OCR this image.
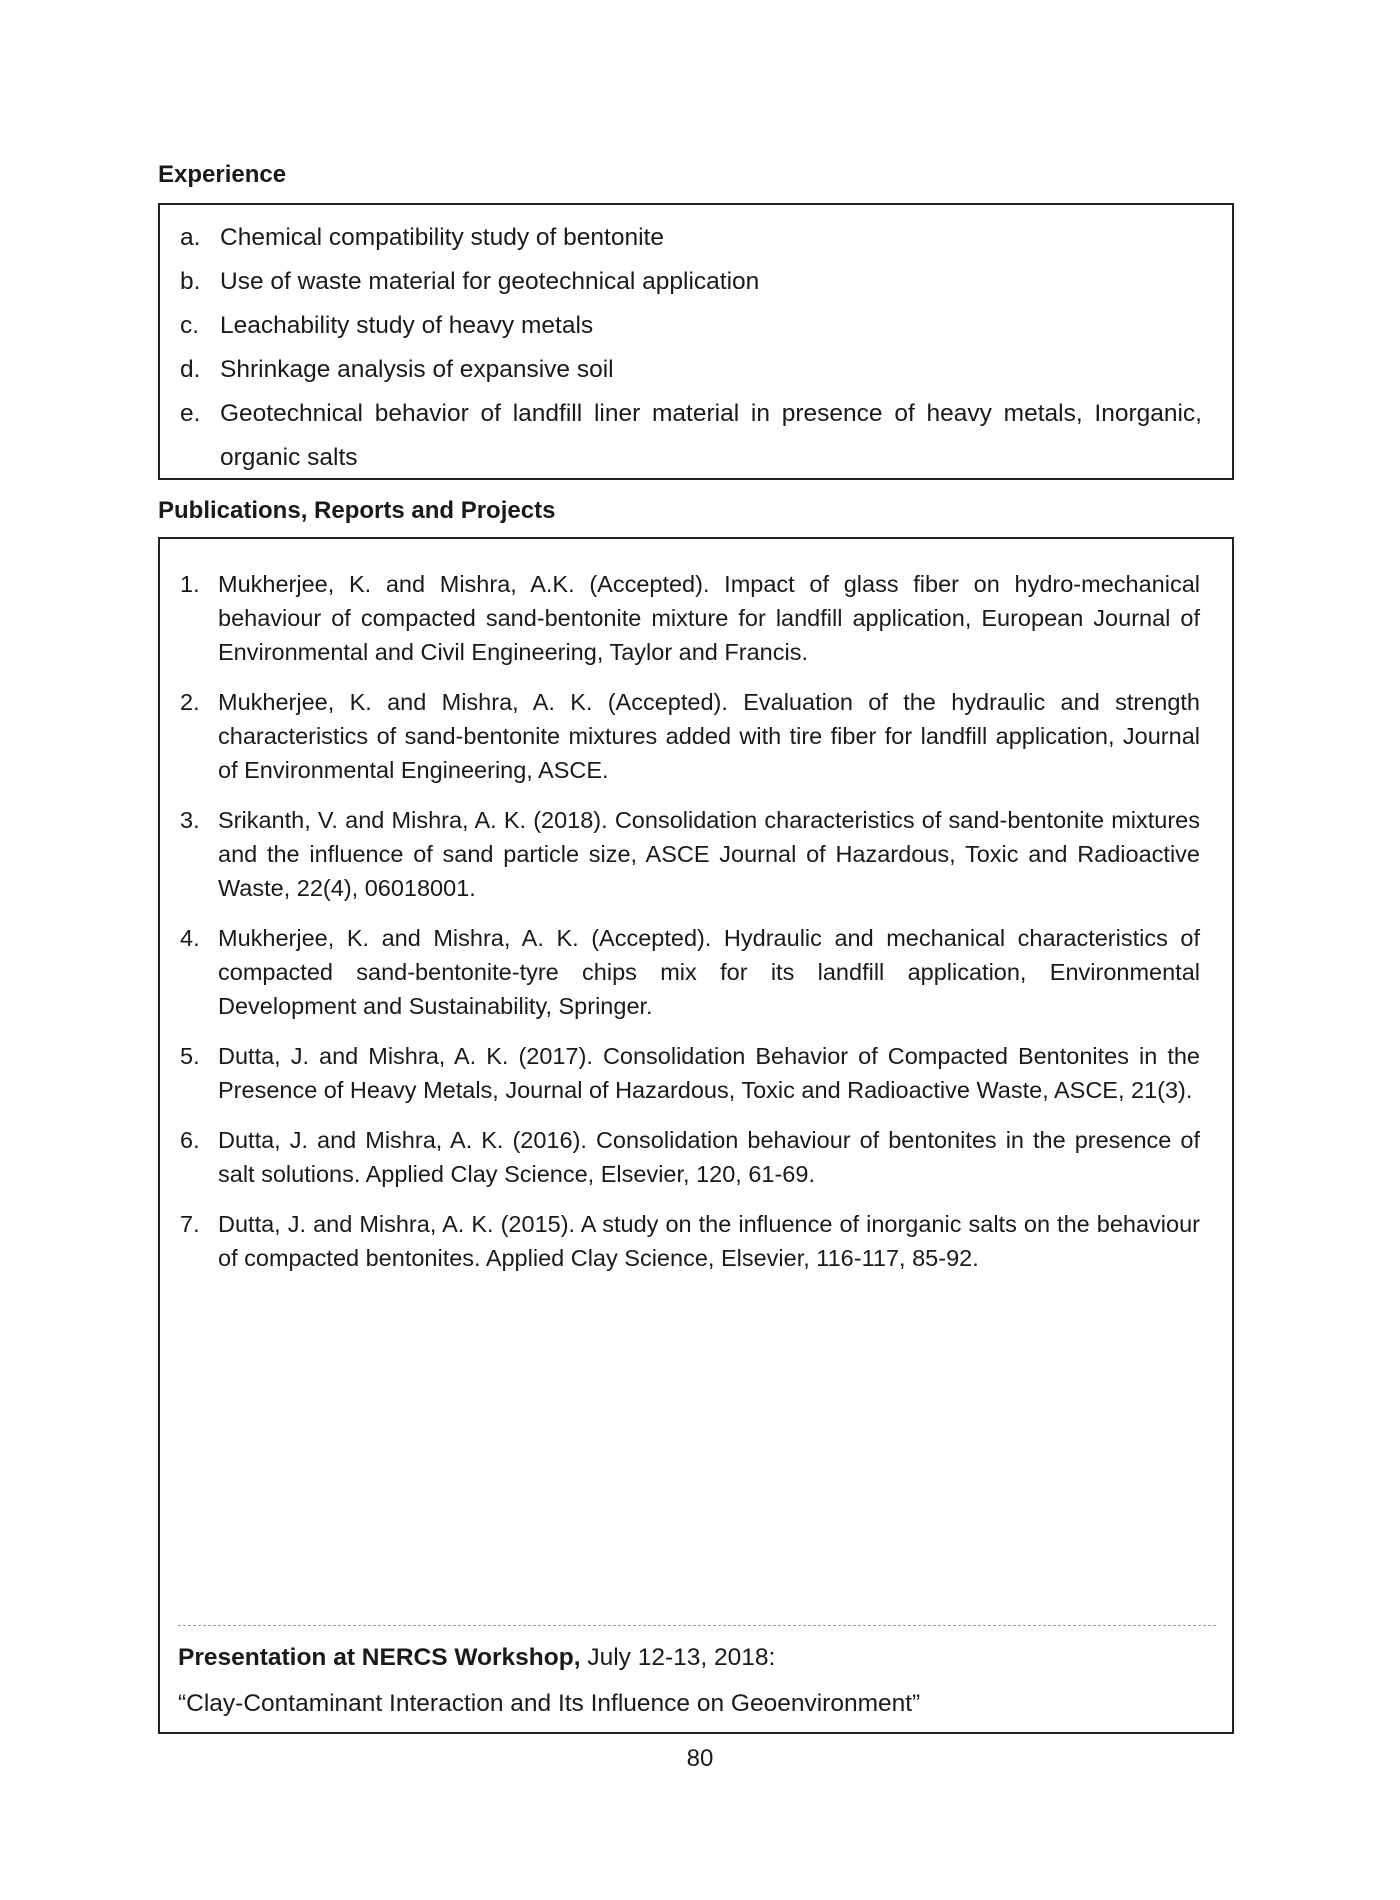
Experience
a. Chemical compatibility study of bentonite
b. Use of waste material for geotechnical application
c. Leachability study of heavy metals
d. Shrinkage analysis of expansive soil
e. Geotechnical behavior of landfill liner material in presence of heavy metals, Inorganic, organic salts
Publications, Reports and Projects
1. Mukherjee, K. and Mishra, A.K. (Accepted). Impact of glass fiber on hydro-mechanical behaviour of compacted sand-bentonite mixture for landfill application, European Journal of Environmental and Civil Engineering, Taylor and Francis.
2. Mukherjee, K. and Mishra, A. K. (Accepted). Evaluation of the hydraulic and strength characteristics of sand-bentonite mixtures added with tire fiber for landfill application, Journal of Environmental Engineering, ASCE.
3. Srikanth, V. and Mishra, A. K. (2018). Consolidation characteristics of sand-bentonite mixtures and the influence of sand particle size, ASCE Journal of Hazardous, Toxic and Radioactive Waste, 22(4), 06018001.
4. Mukherjee, K. and Mishra, A. K. (Accepted). Hydraulic and mechanical characteristics of compacted sand-bentonite-tyre chips mix for its landfill application, Environmental Development and Sustainability, Springer.
5. Dutta, J. and Mishra, A. K. (2017). Consolidation Behavior of Compacted Bentonites in the Presence of Heavy Metals, Journal of Hazardous, Toxic and Radioactive Waste, ASCE, 21(3).
6. Dutta, J. and Mishra, A. K. (2016). Consolidation behaviour of bentonites in the presence of salt solutions. Applied Clay Science, Elsevier, 120, 61-69.
7. Dutta, J. and Mishra, A. K. (2015). A study on the influence of inorganic salts on the behaviour of compacted bentonites. Applied Clay Science, Elsevier, 116-117, 85-92.
Presentation at NERCS Workshop, July 12-13, 2018:
“Clay-Contaminant Interaction and Its Influence on Geoenvironment”
80
